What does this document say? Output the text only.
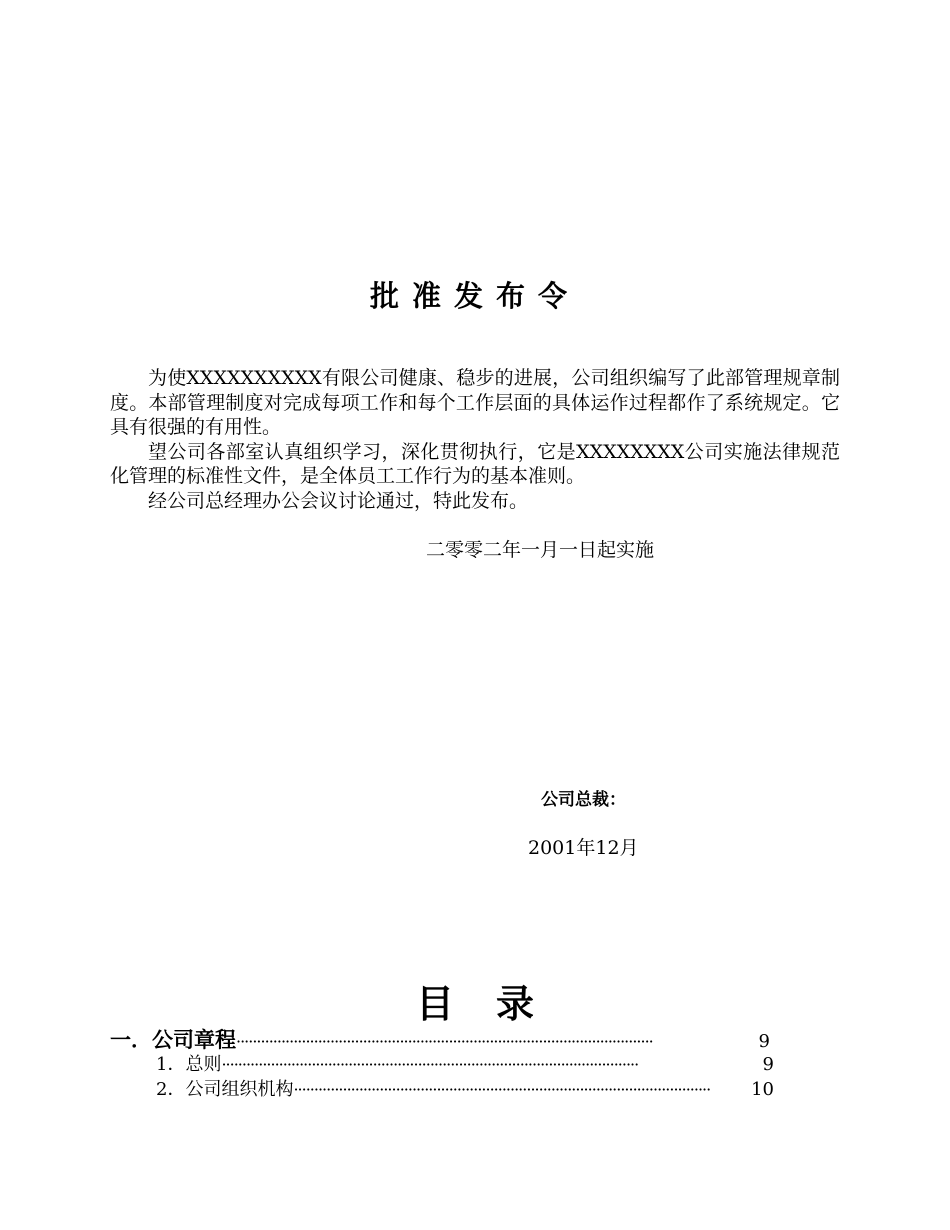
批准发布令

为使XXXXXXXXXX有限公司健康、稳步的进展，公司组织编写了此部管理规章制度。本部管理制度对完成每项工作和每个工作层面的具体运作过程都作了系统规定。它具有很强的有用性。

望公司各部室认真组织学习，深化贯彻执行，它是XXXXXXXX公司实施法律规范化管理的标准性文件，是全体员工工作行为的基本准则。

经公司总经理办公会议讨论通过，特此发布。

二零零二年一月一日起实施
公司总裁：
2001年12月
目 录
一．公司章程 ······································································································	9
1．总则 ······································································································	9
2．公司组织机构 ······································································································	10
